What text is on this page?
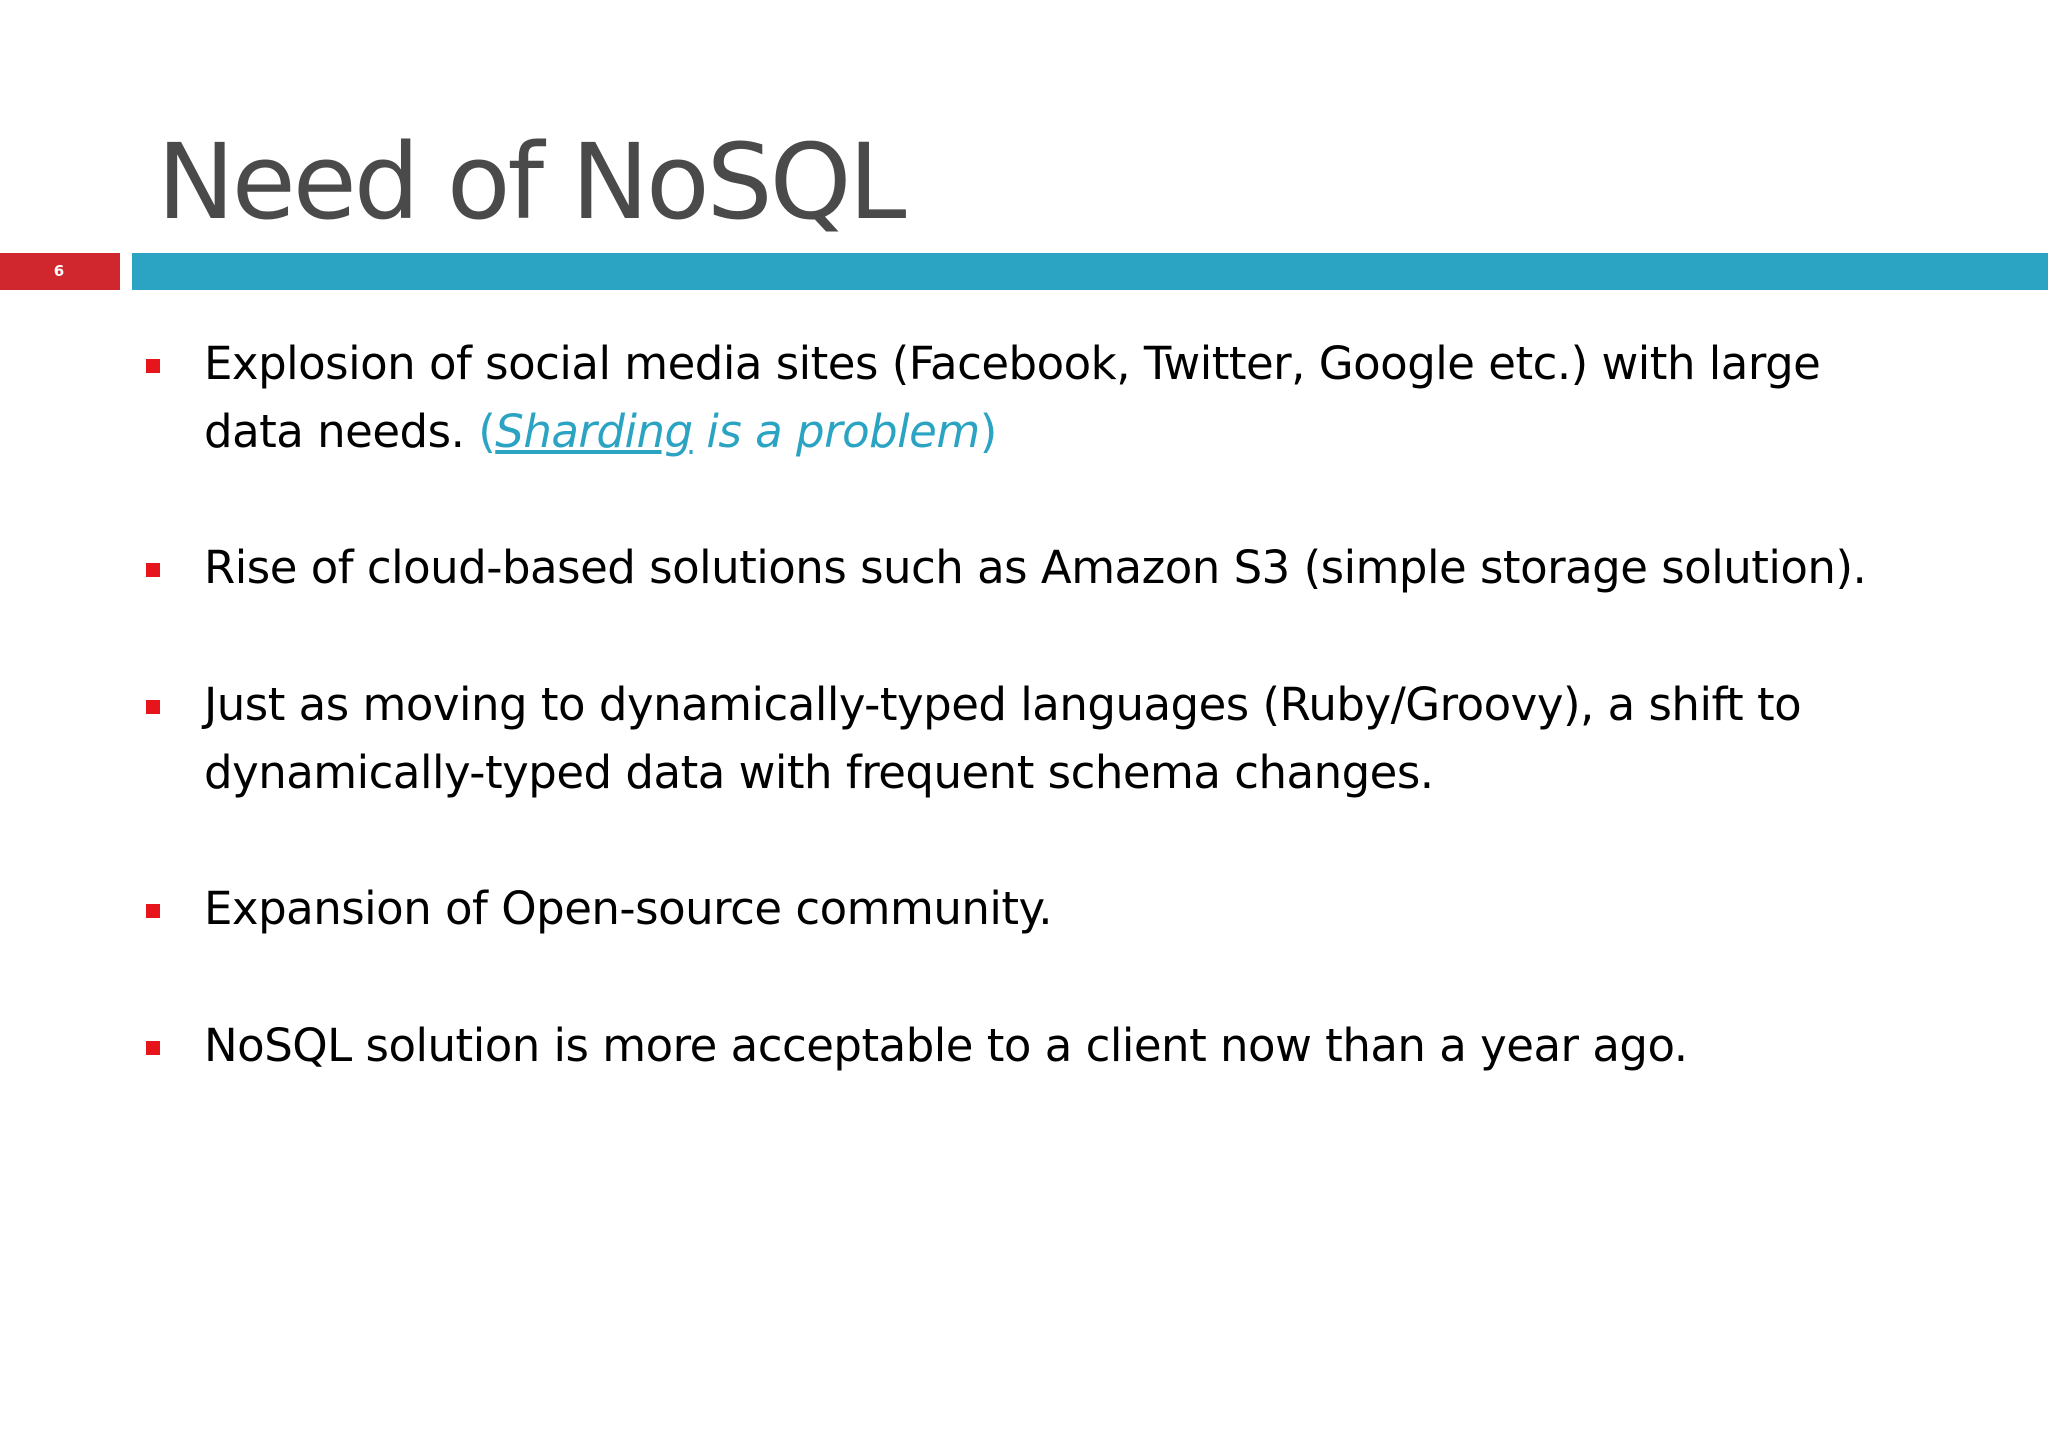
Need of NoSQL
6
Explosion of social media sites (Facebook, Twitter, Google etc.) with large data needs. (Sharding is a problem)
Rise of cloud-based solutions such as Amazon S3 (simple storage solution).
Just as moving to dynamically-typed languages (Ruby/Groovy), a shift to dynamically-typed data with frequent schema changes.
Expansion of Open-source community.
NoSQL solution is more acceptable to a client now than a year ago.
